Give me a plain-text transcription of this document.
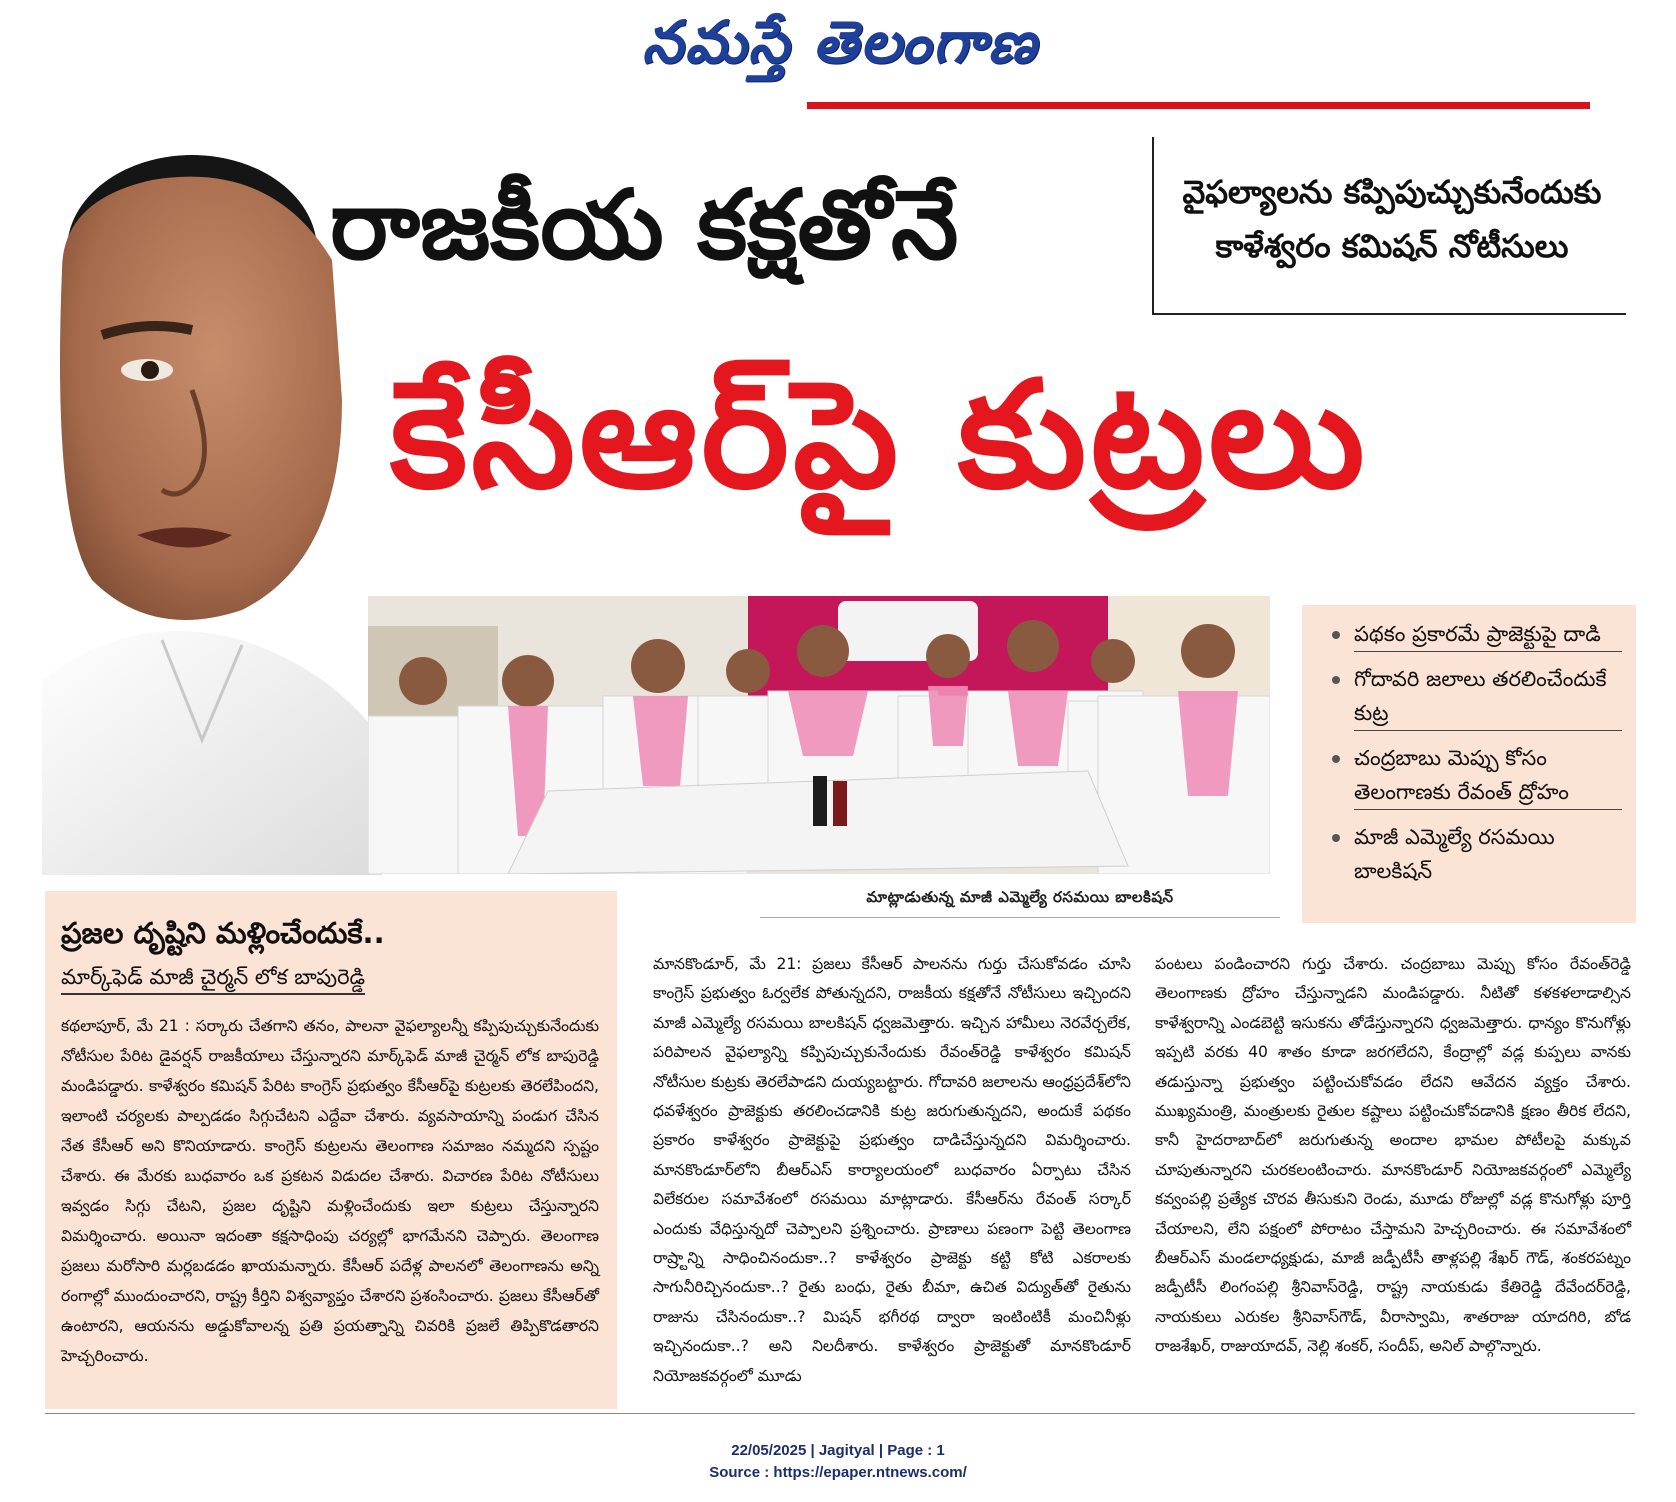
నమస్తే తెలంగాణ
రాజకీయ కక్షతోనే
కేసీఆర్‌పై కుట్రలు
వైఫల్యాలను కప్పిపుచ్చుకునేందుకు
కాళేశ్వరం కమిషన్ నోటీసులు
మాట్లాడుతున్న మాజీ ఎమ్మెల్యే రసమయి బాలకిషన్
పథకం ప్రకారమే ప్రాజెక్టుపై దాడి
గోదావరి జలాలు తరలించేందుకే కుట్ర
చంద్రబాబు మెప్పు కోసం తెలంగాణకు రేవంత్ ద్రోహం
మాజీ ఎమ్మెల్యే రసమయి బాలకిషన్
ప్రజల దృష్టిని మళ్లించేందుకే..
మార్క్‌ఫెడ్ మాజీ చైర్మన్ లోక బాపురెడ్డి
కథలాపూర్, మే 21 : సర్కారు చేతగాని తనం, పాలనా వైఫల్యాలన్నీ కప్పిపుచ్చుకునేందుకు నోటీసుల పేరిట డైవర్షన్ రాజకీయాలు చేస్తున్నారని మార్క్‌ఫెడ్ మాజీ చైర్మన్ లోక బాపురెడ్డి మండిపడ్డారు. కాళేశ్వరం కమిషన్ పేరిట కాంగ్రెస్ ప్రభుత్వం కేసీఆర్‌పై కుట్రలకు తెరలేపిందని, ఇలాంటి చర్యలకు పాల్పడడం సిగ్గుచేటని ఎద్దేవా చేశారు. వ్యవసాయాన్ని పండుగ చేసిన నేత కేసీఆర్ అని కొనియాడారు. కాంగ్రెస్ కుట్రలను తెలంగాణ సమాజం నమ్మదని స్పష్టం చేశారు. ఈ మేరకు బుధవారం ఒక ప్రకటన విడుదల చేశారు. విచారణ పేరిట నోటీసులు ఇవ్వడం సిగ్గు చేటని, ప్రజల దృష్టిని మళ్లించేందుకు ఇలా కుట్రలు చేస్తున్నారని విమర్శించారు. అయినా ఇదంతా కక్షసాధింపు చర్యల్లో భాగమేనని చెప్పారు. తెలంగాణ ప్రజలు మరోసారి మర్లబడడం ఖాయమన్నారు. కేసీఆర్ పదేళ్ల పాలనలో తెలంగాణను అన్ని రంగాల్లో ముందుంచారని, రాష్ట్ర కీర్తిని విశ్వవ్యాప్తం చేశారని ప్రశంసించారు. ప్రజలు కేసీఆర్‌తో ఉంటారని, ఆయనను అడ్డుకోవాలన్న ప్రతి ప్రయత్నాన్ని చివరికి ప్రజలే తిప్పికొడతారని హెచ్చరించారు.
మానకొండూర్, మే 21: ప్రజలు కేసీఆర్ పాలనను గుర్తు చేసుకోవడం చూసి కాంగ్రెస్ ప్రభుత్వం ఓర్వలేక పోతున్నదని, రాజకీయ కక్షతోనే నోటీసులు ఇచ్చిందని మాజీ ఎమ్మెల్యే రసమయి బాలకిషన్ ధ్వజమెత్తారు. ఇచ్చిన హామీలు నెరవేర్చలేక, పరిపాలన వైఫల్యాన్ని కప్పిపుచ్చుకునేందుకు రేవంత్‌రెడ్డి కాళేశ్వరం కమిషన్ నోటీసుల కుట్రకు తెరలేపాడని దుయ్యబట్టారు. గోదావరి జలాలను ఆంధ్రప్రదేశ్‌లోని ధవళేశ్వరం ప్రాజెక్టుకు తరలించడానికి కుట్ర జరుగుతున్నదని, అందుకే పథకం ప్రకారం కాళేశ్వరం ప్రాజెక్టుపై ప్రభుత్వం దాడిచేస్తున్నదని విమర్శించారు. మానకొండూర్‌లోని బీఆర్‌ఎస్ కార్యాలయంలో బుధవారం ఏర్పాటు చేసిన విలేకరుల సమావేశంలో రసమయి మాట్లాడారు. కేసీఆర్‌ను రేవంత్ సర్కార్ ఎందుకు వేధిస్తున్నదో చెప్పాలని ప్రశ్నించారు. ప్రాణాలు పణంగా పెట్టి తెలంగాణ రాష్ర్టాన్ని సాధించినందుకా..? కాళేశ్వరం ప్రాజెక్టు కట్టి కోటి ఎకరాలకు సాగునీరిచ్చినందుకా..? రైతు బంధు, రైతు బీమా, ఉచిత విద్యుత్‌తో రైతును రాజును చేసినందుకా..? మిషన్ భగీరథ ద్వారా ఇంటింటికీ మంచినీళ్లు ఇచ్చినందుకా..? అని నిలదీశారు. కాళేశ్వరం ప్రాజెక్టుతో మానకొండూర్ నియోజకవర్గంలో మూడు
పంటలు పండించారని గుర్తు చేశారు. చంద్రబాబు మెప్పు కోసం రేవంత్‌రెడ్డి తెలంగాణకు ద్రోహం చేస్తున్నాడని మండిపడ్డారు. నీటితో కళకళలాడాల్సిన కాళేశ్వరాన్ని ఎండబెట్టి ఇసుకను తోడేస్తున్నారని ధ్వజమెత్తారు. ధాన్యం కొనుగోళ్లు ఇప్పటి వరకు 40 శాతం కూడా జరగలేదని, కేంద్రాల్లో వడ్ల కుప్పలు వానకు తడుస్తున్నా ప్రభుత్వం పట్టించుకోవడం లేదని ఆవేదన వ్యక్తం చేశారు. ముఖ్యమంత్రి, మంత్రులకు రైతుల కష్టాలు పట్టించుకోవడానికి క్షణం తీరిక లేదని, కానీ హైదరాబాద్‌లో జరుగుతున్న అందాల భామల పోటీలపై మక్కువ చూపుతున్నారని చురకలంటించారు. మానకొండూర్ నియోజకవర్గంలో ఎమ్మెల్యే కవ్వంపల్లి ప్రత్యేక చొరవ తీసుకుని రెండు, మూడు రోజుల్లో వడ్ల కొనుగోళ్లు పూర్తి చేయాలని, లేని పక్షంలో పోరాటం చేస్తామని హెచ్చరించారు. ఈ సమావేశంలో బీఆర్‌ఎస్ మండలాధ్యక్షుడు, మాజీ జడ్పీటీసీ తాళ్లపల్లి శేఖర్ గౌడ్, శంకరపట్నం జడ్పీటీసీ లింగంపల్లి శ్రీనివాస్‌రెడ్డి, రాష్ట్ర నాయకుడు కేతిరెడ్డి దేవేందర్‌రెడ్డి, నాయకులు ఎరుకల శ్రీనివాస్‌గౌడ్, వీరాస్వామి, శాతరాజు యాదగిరి, బోడ రాజశేఖర్, రాజుయాదవ్, నెల్లి శంకర్, సందీప్, అనిల్ పాల్గొన్నారు.
22/05/2025 | Jagityal | Page : 1
Source : https://epaper.ntnews.com/
